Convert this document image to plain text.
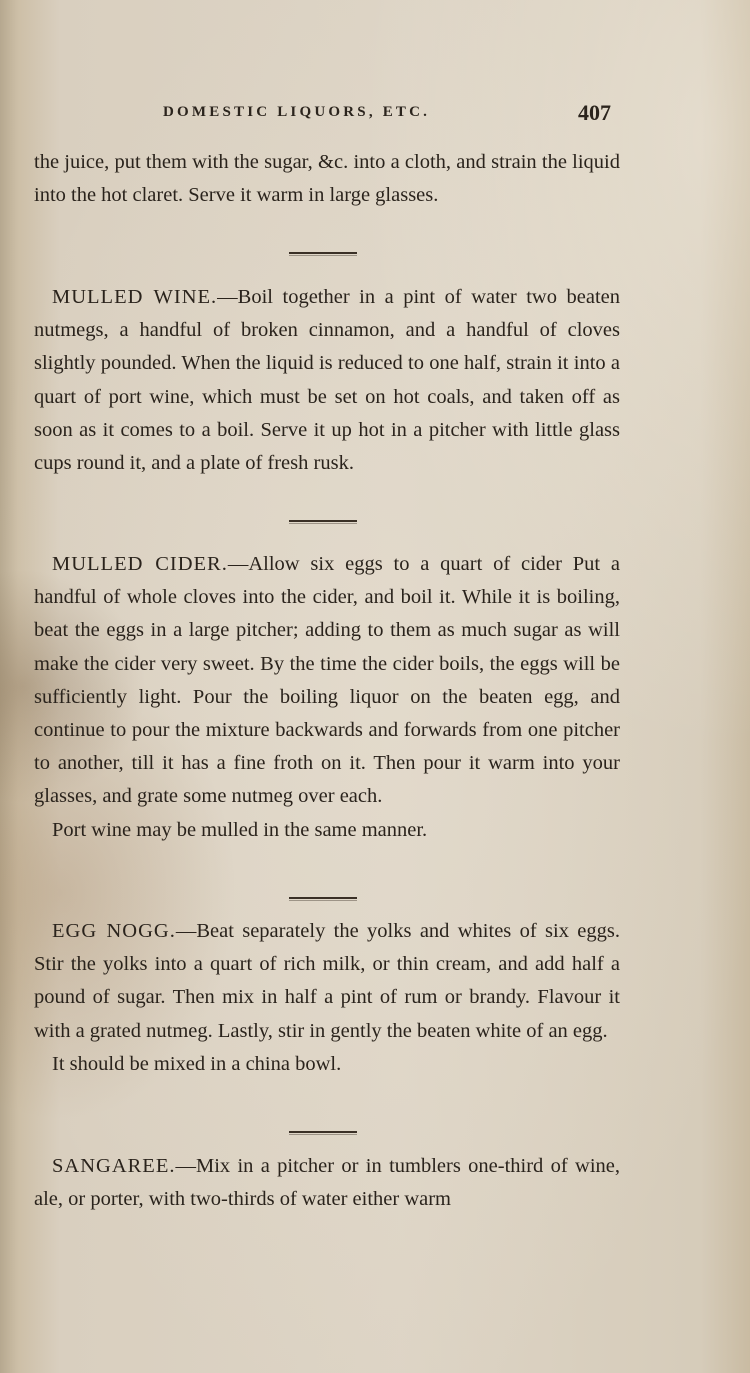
DOMESTIC LIQUORS, ETC.	407

the juice, put them with the sugar, &c. into a cloth, and strain the liquid into the hot claret. Serve it warm in large glasses.

MULLED WINE.—Boil together in a pint of water two beaten nutmegs, a handful of broken cinnamon, and a handful of cloves slightly pounded. When the liquid is reduced to one half, strain it into a quart of port wine, which must be set on hot coals, and taken off as soon as it comes to a boil. Serve it up hot in a pitcher with little glass cups round it, and a plate of fresh rusk.

MULLED CIDER.—Allow six eggs to a quart of cider Put a handful of whole cloves into the cider, and boil it. While it is boiling, beat the eggs in a large pitcher; adding to them as much sugar as will make the cider very sweet. By the time the cider boils, the eggs will be sufficiently light. Pour the boiling liquor on the beaten egg, and continue to pour the mixture backwards and forwards from one pitcher to another, till it has a fine froth on it. Then pour it warm into your glasses, and grate some nutmeg over each.

Port wine may be mulled in the same manner.

EGG NOGG.—Beat separately the yolks and whites of six eggs. Stir the yolks into a quart of rich milk, or thin cream, and add half a pound of sugar. Then mix in half a pint of rum or brandy. Flavour it with a grated nutmeg. Lastly, stir in gently the beaten white of an egg.

It should be mixed in a china bowl.

SANGAREE.—Mix in a pitcher or in tumblers one-third of wine, ale, or porter, with two-thirds of water either warm
